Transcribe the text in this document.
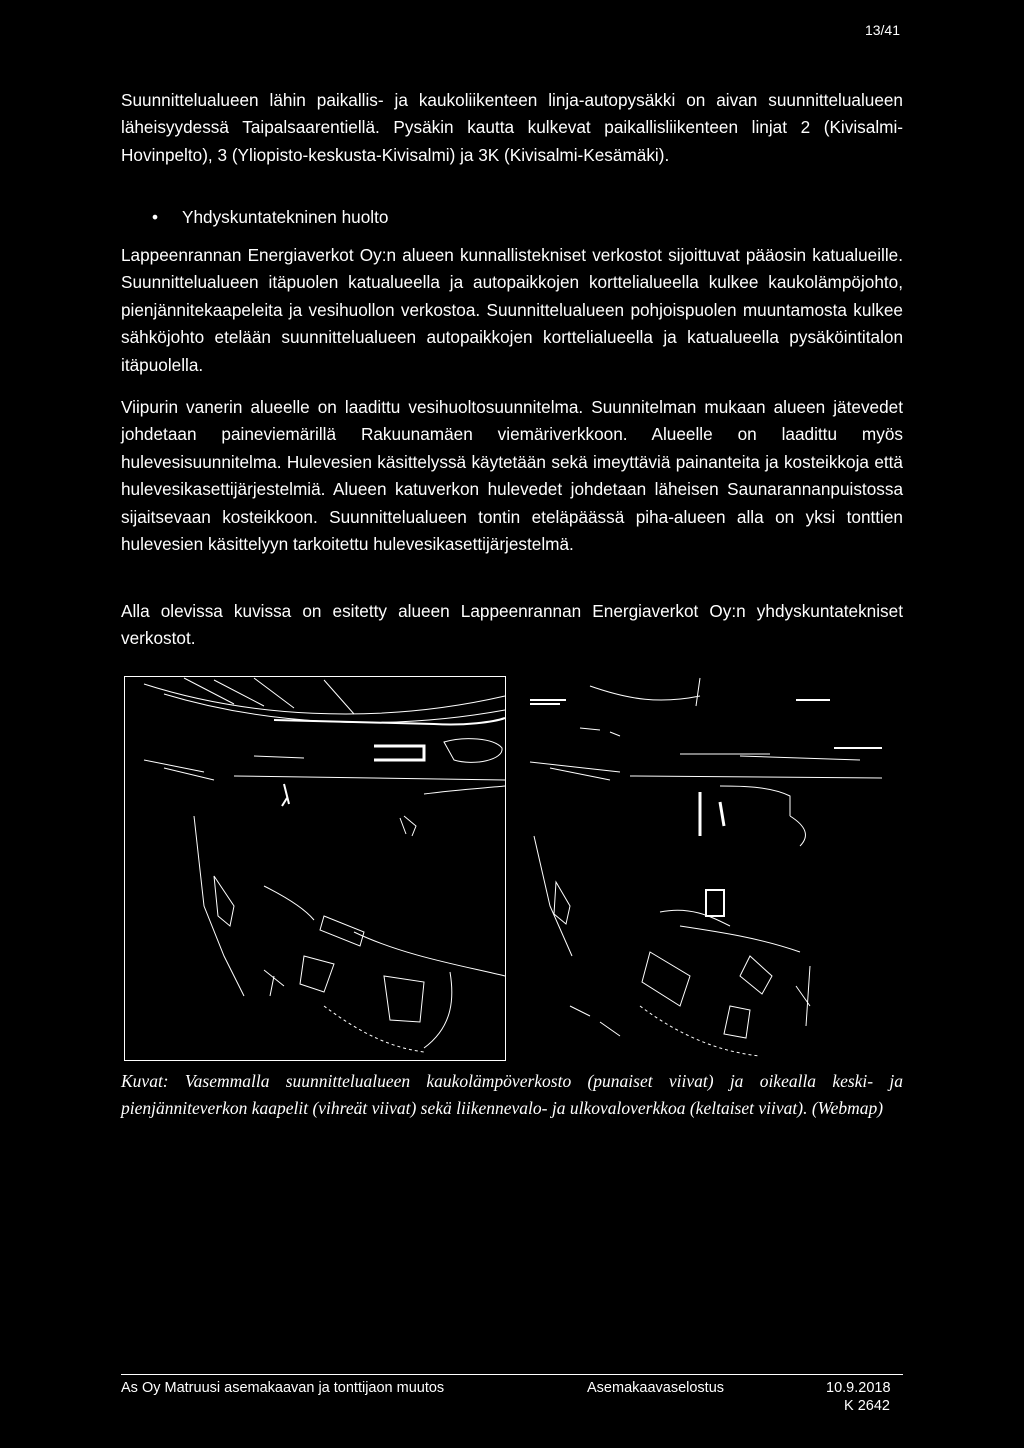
13/41

Suunnittelualueen lähin paikallis- ja kaukoliikenteen linja-autopysäkki on aivan suunnittelualueen läheisyydessä Taipalsaarentiellä. Pysäkin kautta kulkevat paikallisliikenteen linjat 2 (Kivisalmi-Hovinpelto), 3 (Yliopisto-keskusta-Kivisalmi) ja 3K (Kivisalmi-Kesämäki).

• Yhdyskuntatekninen huolto

Lappeenrannan Energiaverkot Oy:n alueen kunnallistekniset verkostot sijoittuvat pääosin katualueille. Suunnittelualueen itäpuolen katualueella ja autopaikkojen korttelialueella kulkee kaukolämpöjohto, pienjännitekaapeleita ja vesihuollon verkostoa. Suunnittelualueen pohjoispuolen muuntamosta kulkee sähköjohto etelään suunnittelualueen autopaikkojen korttelialueella ja katualueella pysäköintitalon itäpuolella.

Viipurin vanerin alueelle on laadittu vesihuoltosuunnitelma. Suunnitelman mukaan alueen jätevedet johdetaan paineviemärillä Rakuunamäen viemäriverkkoon. Alueelle on laadittu myös hulevesisuunnitelma. Hulevesien käsittelyssä käytetään sekä imeyttäviä painanteita ja kosteikkoja että hulevesikasettijärjestelmiä. Alueen katuverkon hulevedet johdetaan läheisen Saunarannanpuistossa sijaitsevaan kosteikkoon. Suunnittelualueen tontin eteläpäässä piha-alueen alla on yksi tonttien hulevesien käsittelyyn tarkoitettu hulevesikasettijärjestelmä.

Alla olevissa kuvissa on esitetty alueen Lappeenrannan Energiaverkot Oy:n yhdyskuntatekniset verkostot.

Kuvat: Vasemmalla suunnittelualueen kaukolämpöverkosto (punaiset viivat) ja oikealla keski- ja pienjänniteverkon kaapelit (vihreät viivat) sekä liikennevalo- ja ulkovaloverkkoa (keltaiset viivat). (Webmap)

As Oy Matruusi asemakaavan ja tonttijaon muutos	Asemakaavaselostus	10.9.2018
K 2642
